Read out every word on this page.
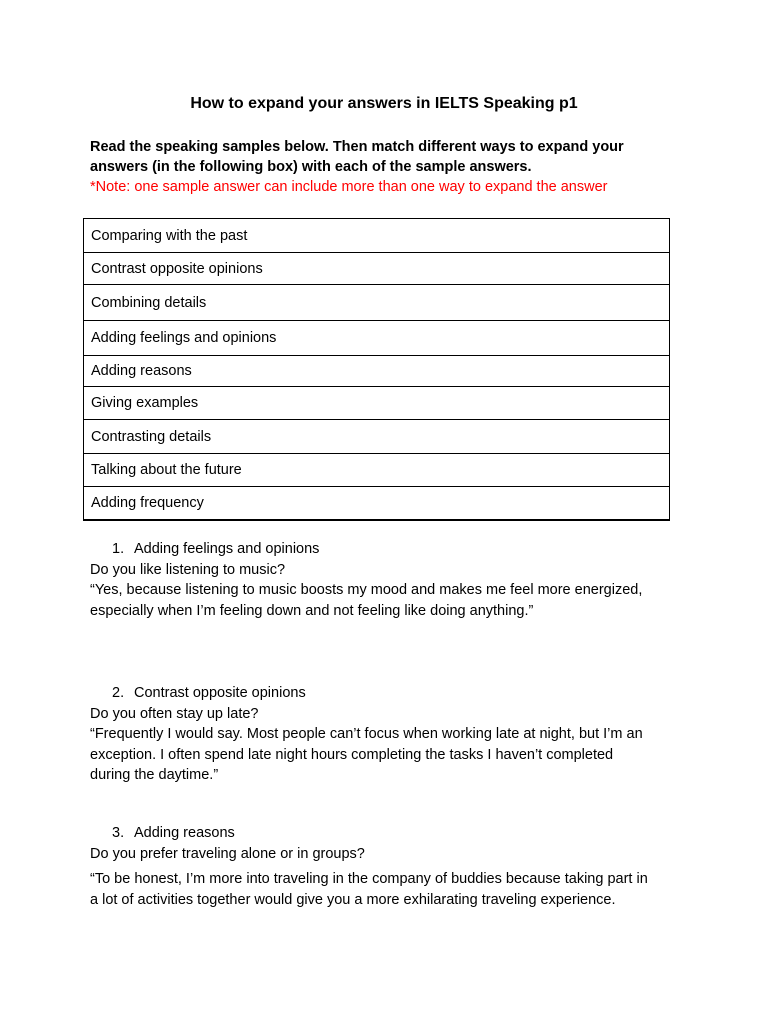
How to expand your answers in IELTS Speaking p1
Read the speaking samples below. Then match different ways to expand your
answers (in the following box) with each of the sample answers.
*Note: one sample answer can include more than one way to expand the answer
Comparing with the past
Contrast opposite opinions
Combining details
Adding feelings and opinions
Adding reasons
Giving examples
Contrasting details
Talking about the future
Adding frequency
1. Adding feelings and opinions
Do you like listening to music?
“Yes, because listening to music boosts my mood and makes me feel more energized,
especially when I’m feeling down and not feeling like doing anything.”
2. Contrast opposite opinions
Do you often stay up late?
“Frequently I would say. Most people can’t focus when working late at night, but I’m an
exception. I often spend late night hours completing the tasks I haven’t completed
during the daytime.”
3. Adding reasons
Do you prefer traveling alone or in groups?
“To be honest, I’m more into traveling in the company of buddies because taking part in
a lot of activities together would give you a more exhilarating traveling experience.
